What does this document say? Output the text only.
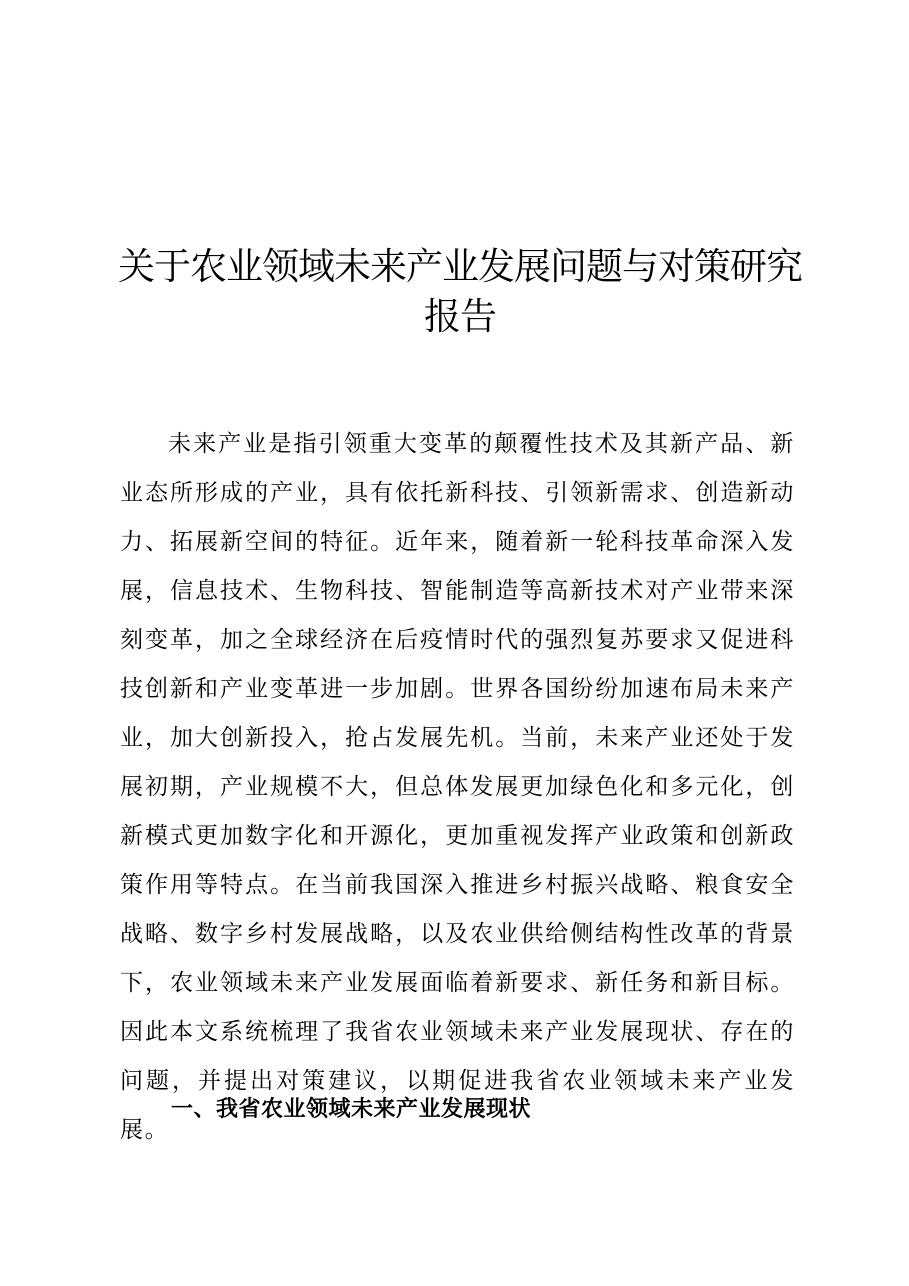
关于农业领域未来产业发展问题与对策研究报告

未来产业是指引领重大变革的颠覆性技术及其新产品、新业态所形成的产业，具有依托新科技、引领新需求、创造新动力、拓展新空间的特征。近年来，随着新一轮科技革命深入发展，信息技术、生物科技、智能制造等高新技术对产业带来深刻变革，加之全球经济在后疫情时代的强烈复苏要求又促进科技创新和产业变革进一步加剧。世界各国纷纷加速布局未来产业，加大创新投入，抢占发展先机。当前，未来产业还处于发展初期，产业规模不大，但总体发展更加绿色化和多元化，创新模式更加数字化和开源化，更加重视发挥产业政策和创新政策作用等特点。在当前我国深入推进乡村振兴战略、粮食安全战略、数字乡村发展战略，以及农业供给侧结构性改革的背景下，农业领域未来产业发展面临着新要求、新任务和新目标。因此本文系统梳理了我省农业领域未来产业发展现状、存在的问题，并提出对策建议，以期促进我省农业领域未来产业发展。

一、我省农业领域未来产业发展现状
